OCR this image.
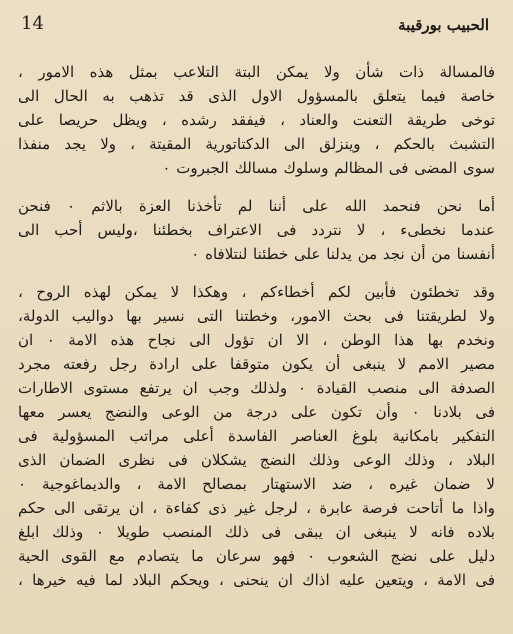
14	الحبيب بورقيبة
فالمسالة ذات شأن ولا يمكن البتة التلاعب بمثل هذه الامور ،
خاصة فيما يتعلق بالمسؤول الاول الذى قد تذهب به الحال الى
توخى طريقة التعنت والعناد ، فيفقد رشده ، ويظل حريصا على
التشبث بالحكم ، وينزلق الى الدكتاتورية المقيتة ، ولا يجد منفذا
سوى المضى فى المظالم وسلوك مسالك الجبروت ٠
أما نحن فنحمد الله على أننا لم تأخذنا العزة بالاثم ٠ فنحن
عندما نخطىء ، لا نتردد فى الاعتراف بخطئنا ،وليس أحب الى
أنفسنا من أن نجد من يدلنا على خطئنا لنتلافاه ٠
وقد تخطئون فأبين لكم أخطاءكم ، وهكذا لا يمكن لهذه الروح ،
ولا لطريقتنا فى بحث الامور، وخطتنا التى نسير بها دواليب الدولة،
ونخدم بها هذا الوطن ، الا ان تؤول الى نجاح هذه الامة ٠ ان
مصير الامم لا ينبغى أن يكون متوقفا على ارادة رجل رفعته مجرد
الصدفة الى منصب القيادة ٠ ولذلك وجب ان يرتفع مستوى الاطارات
فى بلادنا ٠ وأن تكون على درجة من الوعى والنضج يعسر معها
التفكير بامكانية بلوغ العناصر الفاسدة أعلى مراتب المسؤولية فى
البلاد ، وذلك الوعى وذلك النضج يشكلان فى نظرى الضمان الذى
لا ضمان غيره ، ضد الاستهتار بمصالح الامة ، والديماغوجية ٠
واذا ما أتاحت فرصة عابرة ، لرجل غير ذى كفاءة ، ان يرتقى الى حكم
بلاده فانه لا ينبغى ان يبقى فى ذلك المنصب طويلا ٠ وذلك ابلغ
دليل على نضج الشعوب ٠ فهو سرعان ما يتصادم مع القوى الحية
فى الامة ، ويتعين عليه اذاك ان ينحنى ، ويحكم البلاد لما فيه خيرها ،
